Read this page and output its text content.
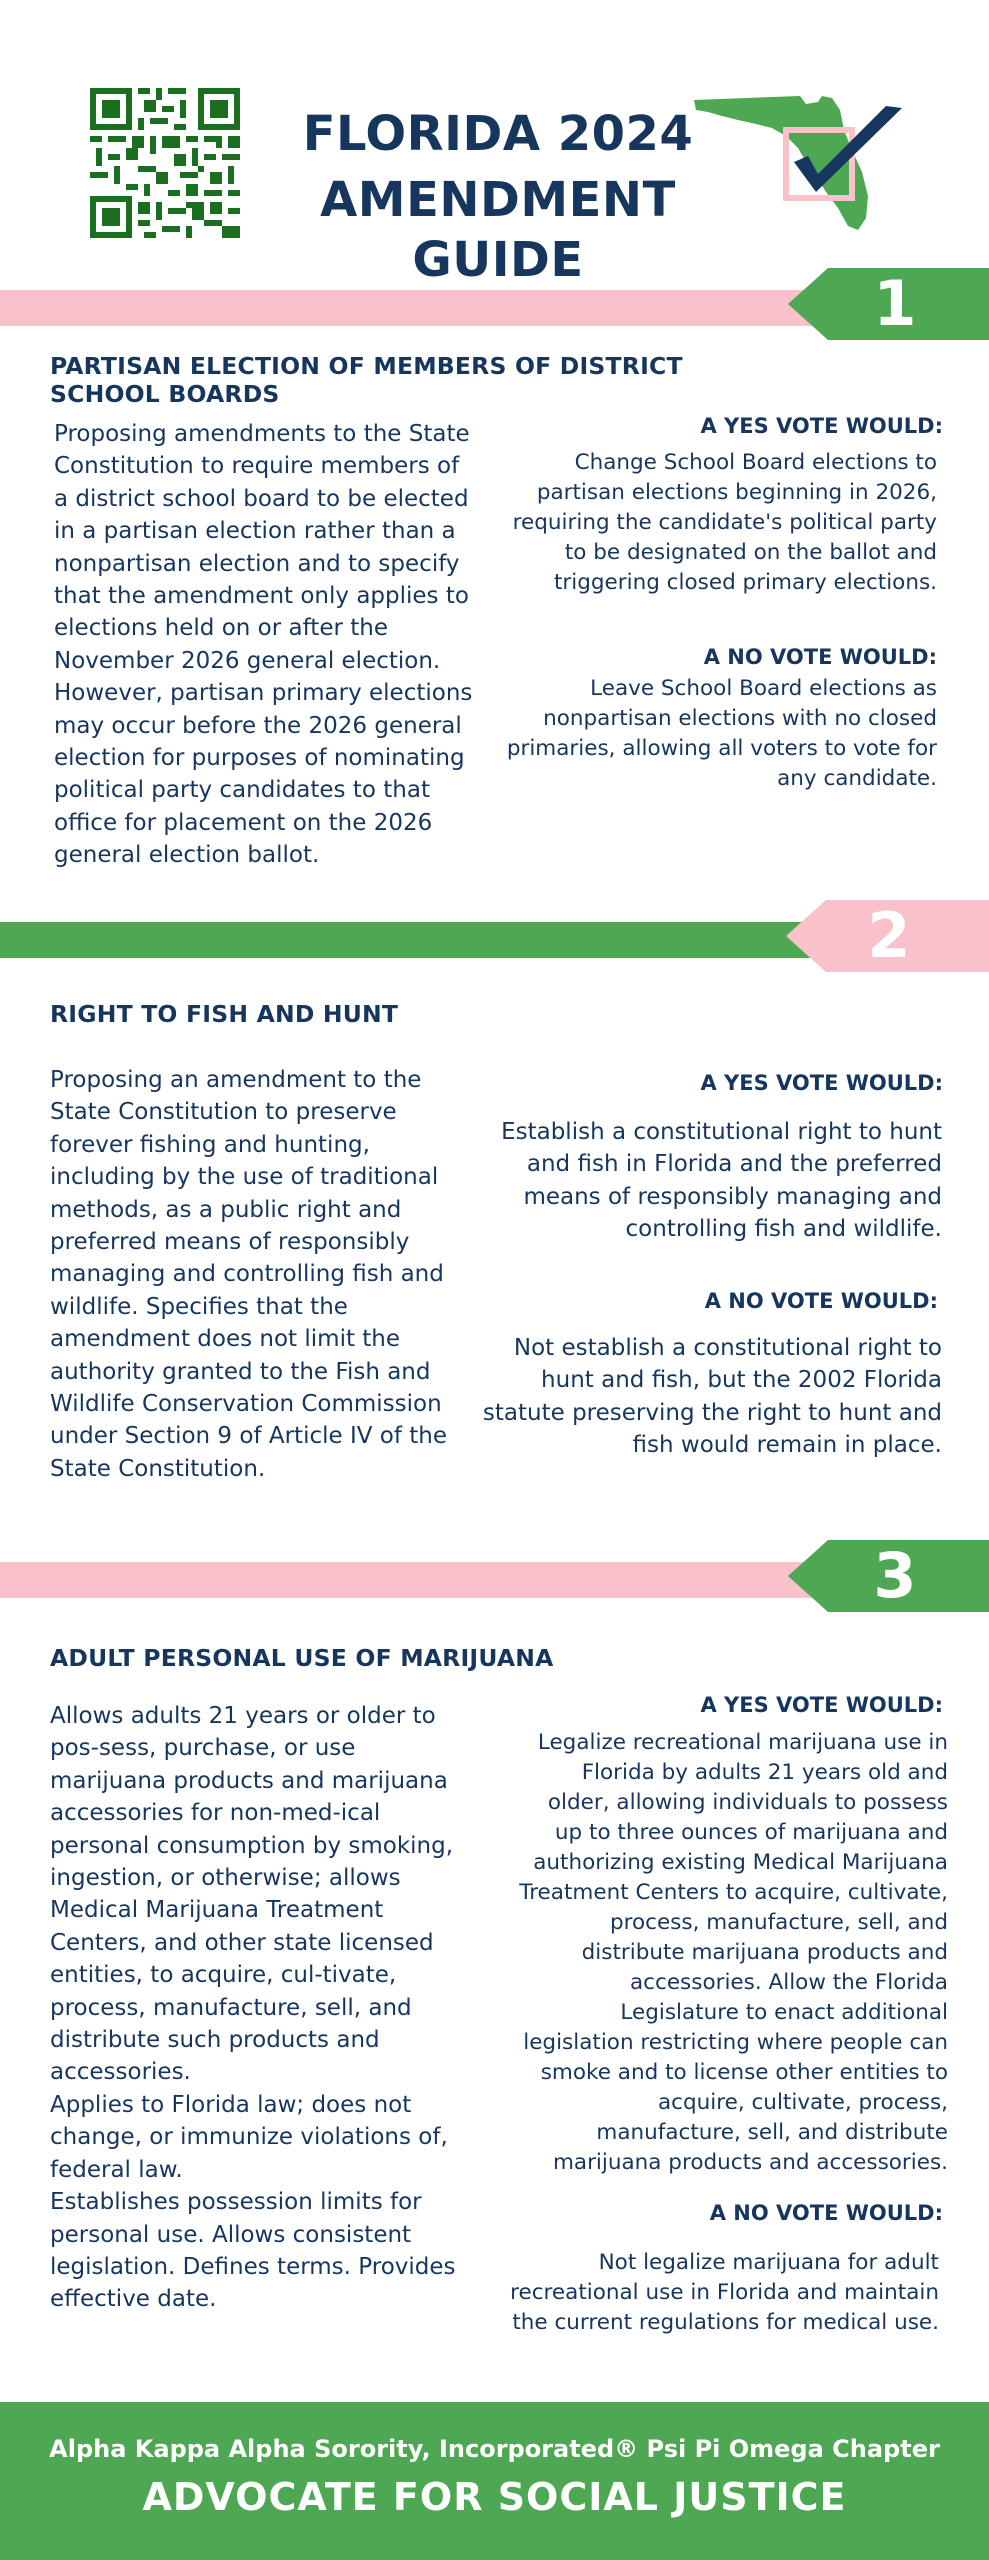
FLORIDA 2024
AMENDMENT GUIDE
1
PARTISAN ELECTION OF MEMBERS OF DISTRICT
SCHOOL BOARDS
Proposing amendments to the State
Constitution to require members of
a district school board to be elected
in a partisan election rather than a
nonpartisan election and to specify
that the amendment only applies to
elections held on or after the
November 2026 general election.
However, partisan primary elections
may occur before the 2026 general
election for purposes of nominating
political party candidates to that
office for placement on the 2026
general election ballot.
A YES VOTE WOULD:
Change School Board elections to
partisan elections beginning in 2026,
requiring the candidate's political party
to be designated on the ballot and
triggering closed primary elections.
A NO VOTE WOULD:
Leave School Board elections as
nonpartisan elections with no closed
primaries, allowing all voters to vote for
any candidate.
2
RIGHT TO FISH AND HUNT
Proposing an amendment to the
State Constitution to preserve
forever fishing and hunting,
including by the use of traditional
methods, as a public right and
preferred means of responsibly
managing and controlling fish and
wildlife. Specifies that the
amendment does not limit the
authority granted to the Fish and
Wildlife Conservation Commission
under Section 9 of Article IV of the
State Constitution.
A YES VOTE WOULD:
Establish a constitutional right to hunt
and fish in Florida and the preferred
means of responsibly managing and
controlling fish and wildlife.
A NO VOTE WOULD:
Not establish a constitutional right to
hunt and fish, but the 2002 Florida
statute preserving the right to hunt and
fish would remain in place.
3
ADULT PERSONAL USE OF MARIJUANA
Allows adults 21 years or older to
pos-sess, purchase, or use
marijuana products and marijuana
accessories for non-med-ical
personal consumption by smoking,
ingestion, or otherwise; allows
Medical Marijuana Treatment
Centers, and other state licensed
entities, to acquire, cul-tivate,
process, manufacture, sell, and
distribute such products and
accessories.
Applies to Florida law; does not
change, or immunize violations of,
federal law.
Establishes possession limits for
personal use. Allows consistent
legislation. Defines terms. Provides
effective date.
A YES VOTE WOULD:
Legalize recreational marijuana use in
Florida by adults 21 years old and
older, allowing individuals to possess
up to three ounces of marijuana and
authorizing existing Medical Marijuana
Treatment Centers to acquire, cultivate,
process, manufacture, sell, and
distribute marijuana products and
accessories. Allow the Florida
Legislature to enact additional
legislation restricting where people can
smoke and to license other entities to
acquire, cultivate, process,
manufacture, sell, and distribute
marijuana products and accessories.
A NO VOTE WOULD:
Not legalize marijuana for adult
recreational use in Florida and maintain
the current regulations for medical use.
Alpha Kappa Alpha Sorority, Incorporated® Psi Pi Omega Chapter
ADVOCATE FOR SOCIAL JUSTICE
